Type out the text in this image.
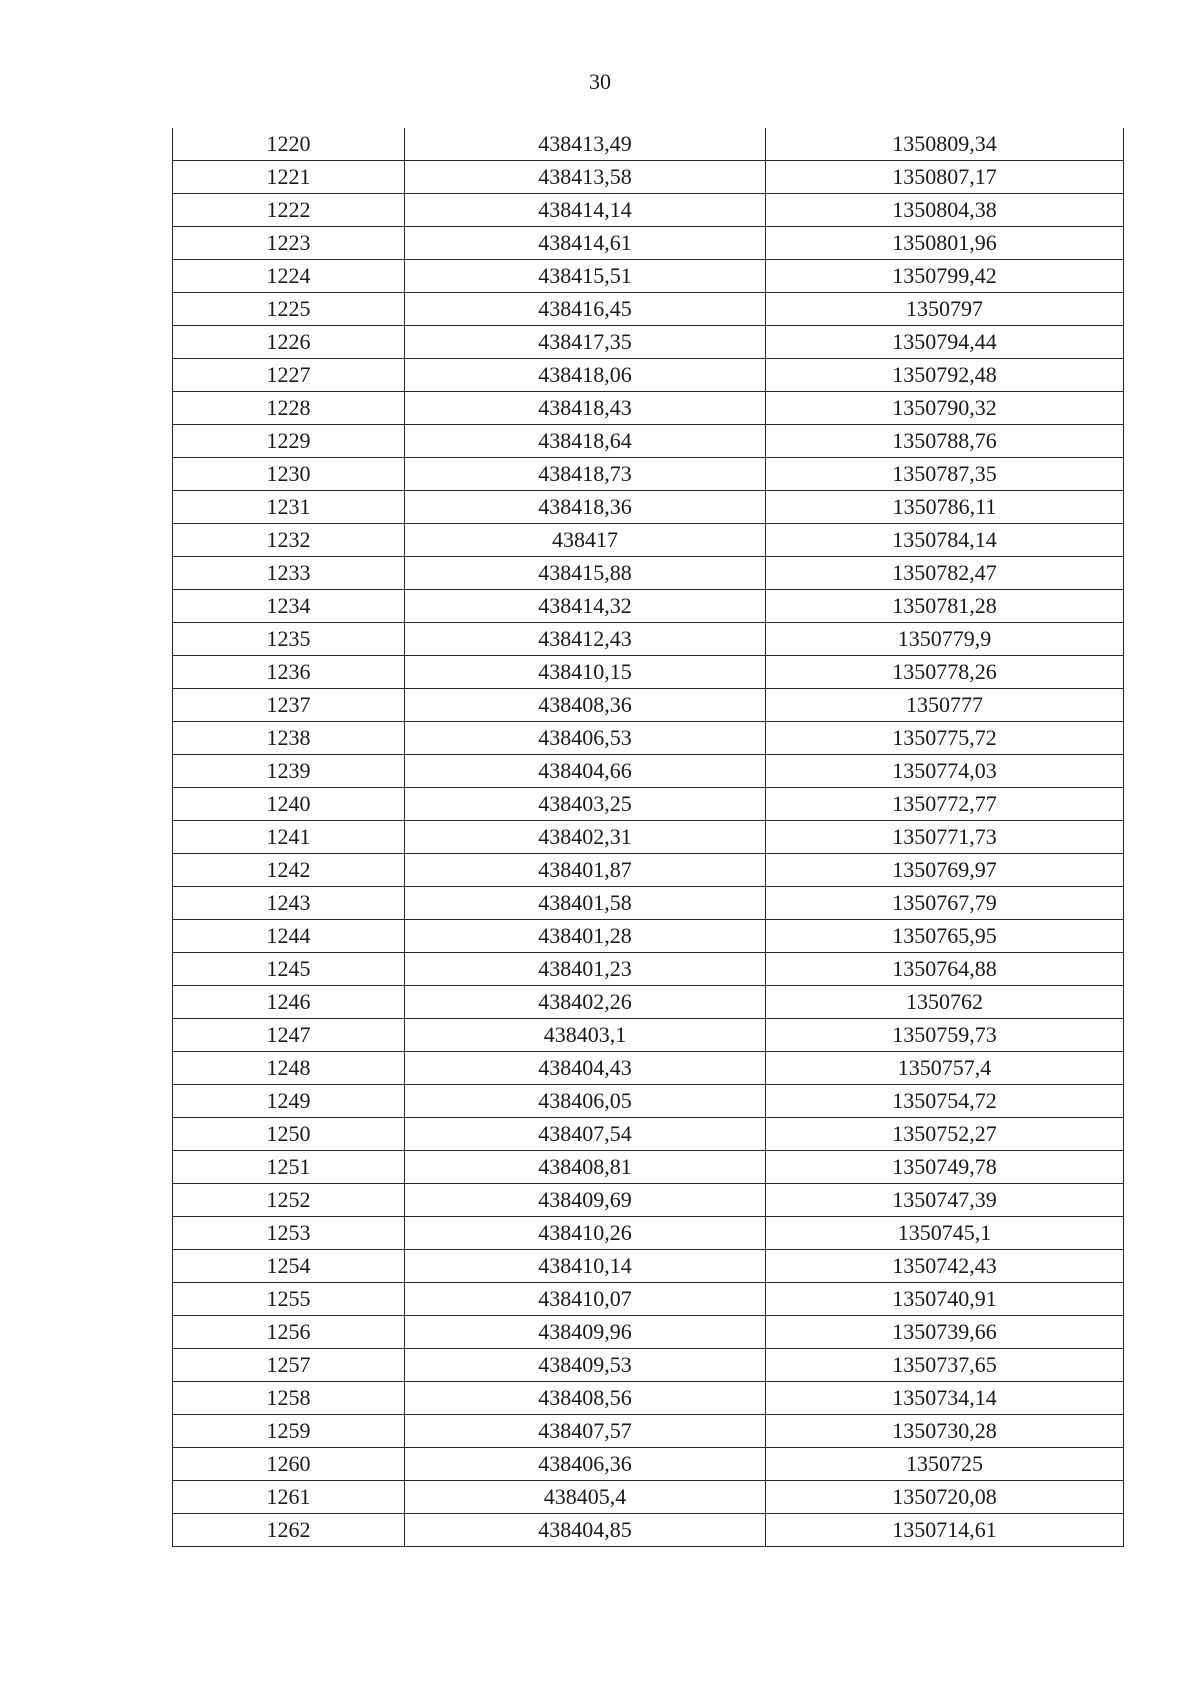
30
1220	438413,49	1350809,34
1221	438413,58	1350807,17
1222	438414,14	1350804,38
1223	438414,61	1350801,96
1224	438415,51	1350799,42
1225	438416,45	1350797
1226	438417,35	1350794,44
1227	438418,06	1350792,48
1228	438418,43	1350790,32
1229	438418,64	1350788,76
1230	438418,73	1350787,35
1231	438418,36	1350786,11
1232	438417	1350784,14
1233	438415,88	1350782,47
1234	438414,32	1350781,28
1235	438412,43	1350779,9
1236	438410,15	1350778,26
1237	438408,36	1350777
1238	438406,53	1350775,72
1239	438404,66	1350774,03
1240	438403,25	1350772,77
1241	438402,31	1350771,73
1242	438401,87	1350769,97
1243	438401,58	1350767,79
1244	438401,28	1350765,95
1245	438401,23	1350764,88
1246	438402,26	1350762
1247	438403,1	1350759,73
1248	438404,43	1350757,4
1249	438406,05	1350754,72
1250	438407,54	1350752,27
1251	438408,81	1350749,78
1252	438409,69	1350747,39
1253	438410,26	1350745,1
1254	438410,14	1350742,43
1255	438410,07	1350740,91
1256	438409,96	1350739,66
1257	438409,53	1350737,65
1258	438408,56	1350734,14
1259	438407,57	1350730,28
1260	438406,36	1350725
1261	438405,4	1350720,08
1262	438404,85	1350714,61
